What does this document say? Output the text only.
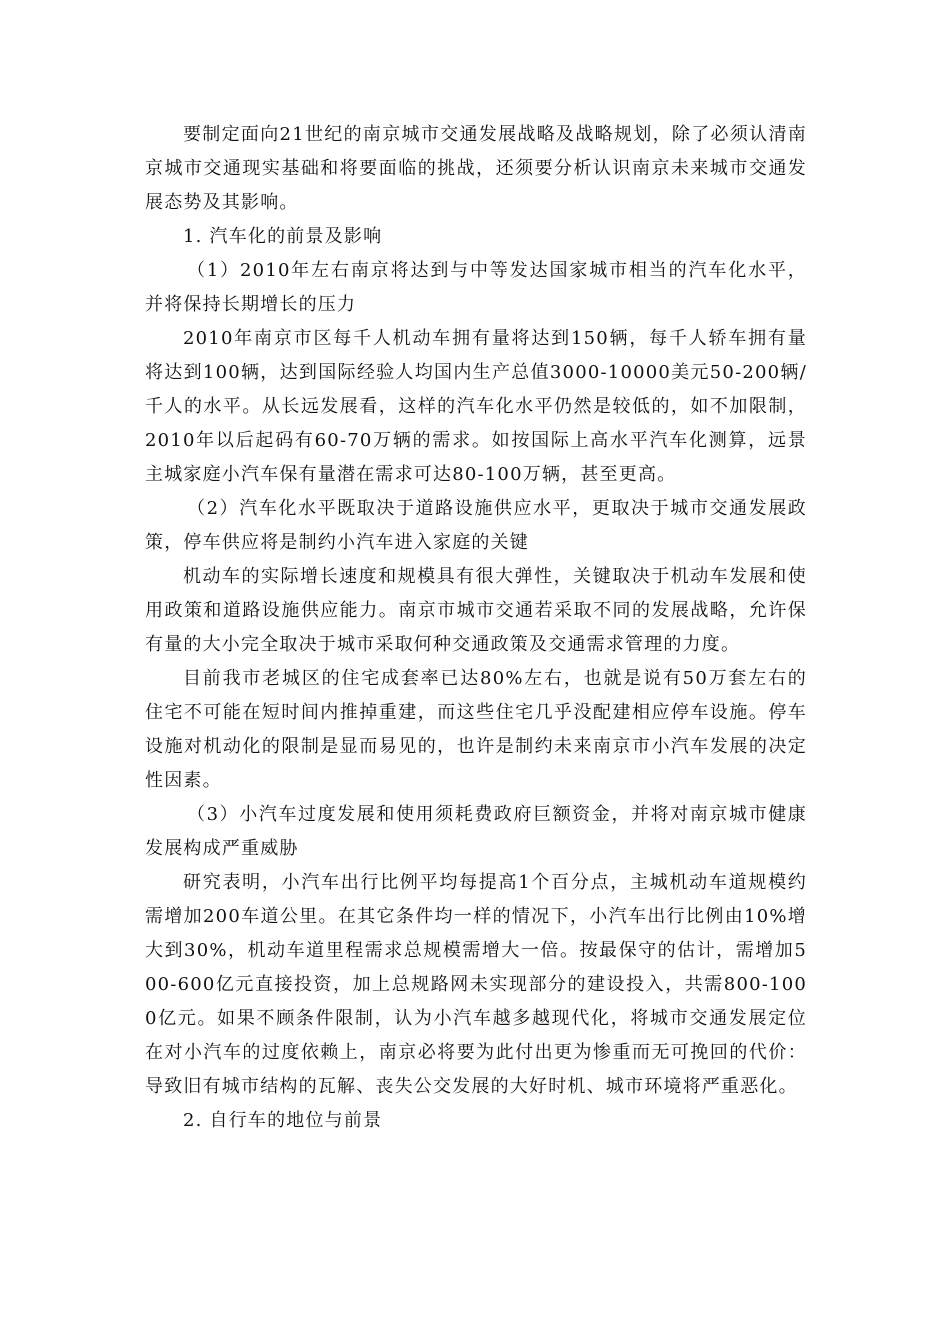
要制定面向21世纪的南京城市交通发展战略及战略规划，除了必须认清南京城市交通现实基础和将要面临的挑战，还须要分析认识南京未来城市交通发展态势及其影响。

1. 汽车化的前景及影响

（1）2010年左右南京将达到与中等发达国家城市相当的汽车化水平，并将保持长期增长的压力

2010年南京市区每千人机动车拥有量将达到150辆，每千人轿车拥有量将达到100辆，达到国际经验人均国内生产总值3000-10000美元50-200辆/千人的水平。从长远发展看，这样的汽车化水平仍然是较低的，如不加限制，2010年以后起码有60-70万辆的需求。如按国际上高水平汽车化测算，远景主城家庭小汽车保有量潜在需求可达80-100万辆，甚至更高。

（2）汽车化水平既取决于道路设施供应水平，更取决于城市交通发展政策，停车供应将是制约小汽车进入家庭的关键

机动车的实际增长速度和规模具有很大弹性，关键取决于机动车发展和使用政策和道路设施供应能力。南京市城市交通若采取不同的发展战略，允许保有量的大小完全取决于城市采取何种交通政策及交通需求管理的力度。

目前我市老城区的住宅成套率已达80%左右，也就是说有50万套左右的住宅不可能在短时间内推掉重建，而这些住宅几乎没配建相应停车设施。停车设施对机动化的限制是显而易见的，也许是制约未来南京市小汽车发展的决定性因素。

（3）小汽车过度发展和使用须耗费政府巨额资金，并将对南京城市健康发展构成严重威胁

研究表明，小汽车出行比例平均每提高1个百分点，主城机动车道规模约需增加200车道公里。在其它条件均一样的情况下，小汽车出行比例由10%增大到30%，机动车道里程需求总规模需增大一倍。按最保守的估计，需增加500-600亿元直接投资，加上总规路网未实现部分的建设投入，共需800-1000亿元。如果不顾条件限制，认为小汽车越多越现代化，将城市交通发展定位在对小汽车的过度依赖上，南京必将要为此付出更为惨重而无可挽回的代价：导致旧有城市结构的瓦解、丧失公交发展的大好时机、城市环境将严重恶化。

2. 自行车的地位与前景
